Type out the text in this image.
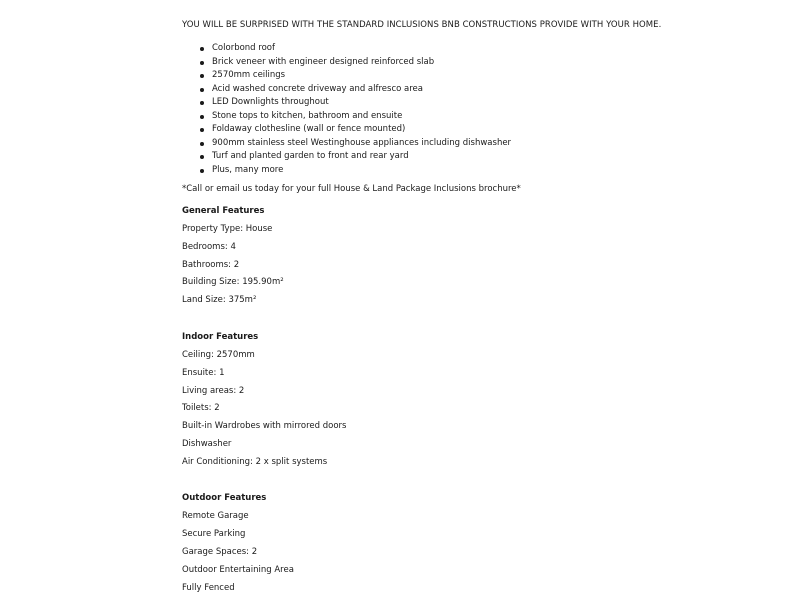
YOU WILL BE SURPRISED WITH THE STANDARD INCLUSIONS BNB CONSTRUCTIONS PROVIDE WITH YOUR HOME.
Colorbond roof
Brick veneer with engineer designed reinforced slab
2570mm ceilings
Acid washed concrete driveway and alfresco area
LED Downlights throughout
Stone tops to kitchen, bathroom and ensuite
Foldaway clothesline (wall or fence mounted)
900mm stainless steel Westinghouse appliances including dishwasher
Turf and planted garden to front and rear yard
Plus, many more
*Call or email us today for your full House & Land Package Inclusions brochure*
General Features
Property Type: House
Bedrooms: 4
Bathrooms: 2
Building Size: 195.90m²
Land Size: 375m²
Indoor Features
Ceiling: 2570mm
Ensuite: 1
Living areas: 2
Toilets: 2
Built-in Wardrobes with mirrored doors
Dishwasher
Air Conditioning: 2 x split systems
Outdoor Features
Remote Garage
Secure Parking
Garage Spaces: 2
Outdoor Entertaining Area
Fully Fenced
